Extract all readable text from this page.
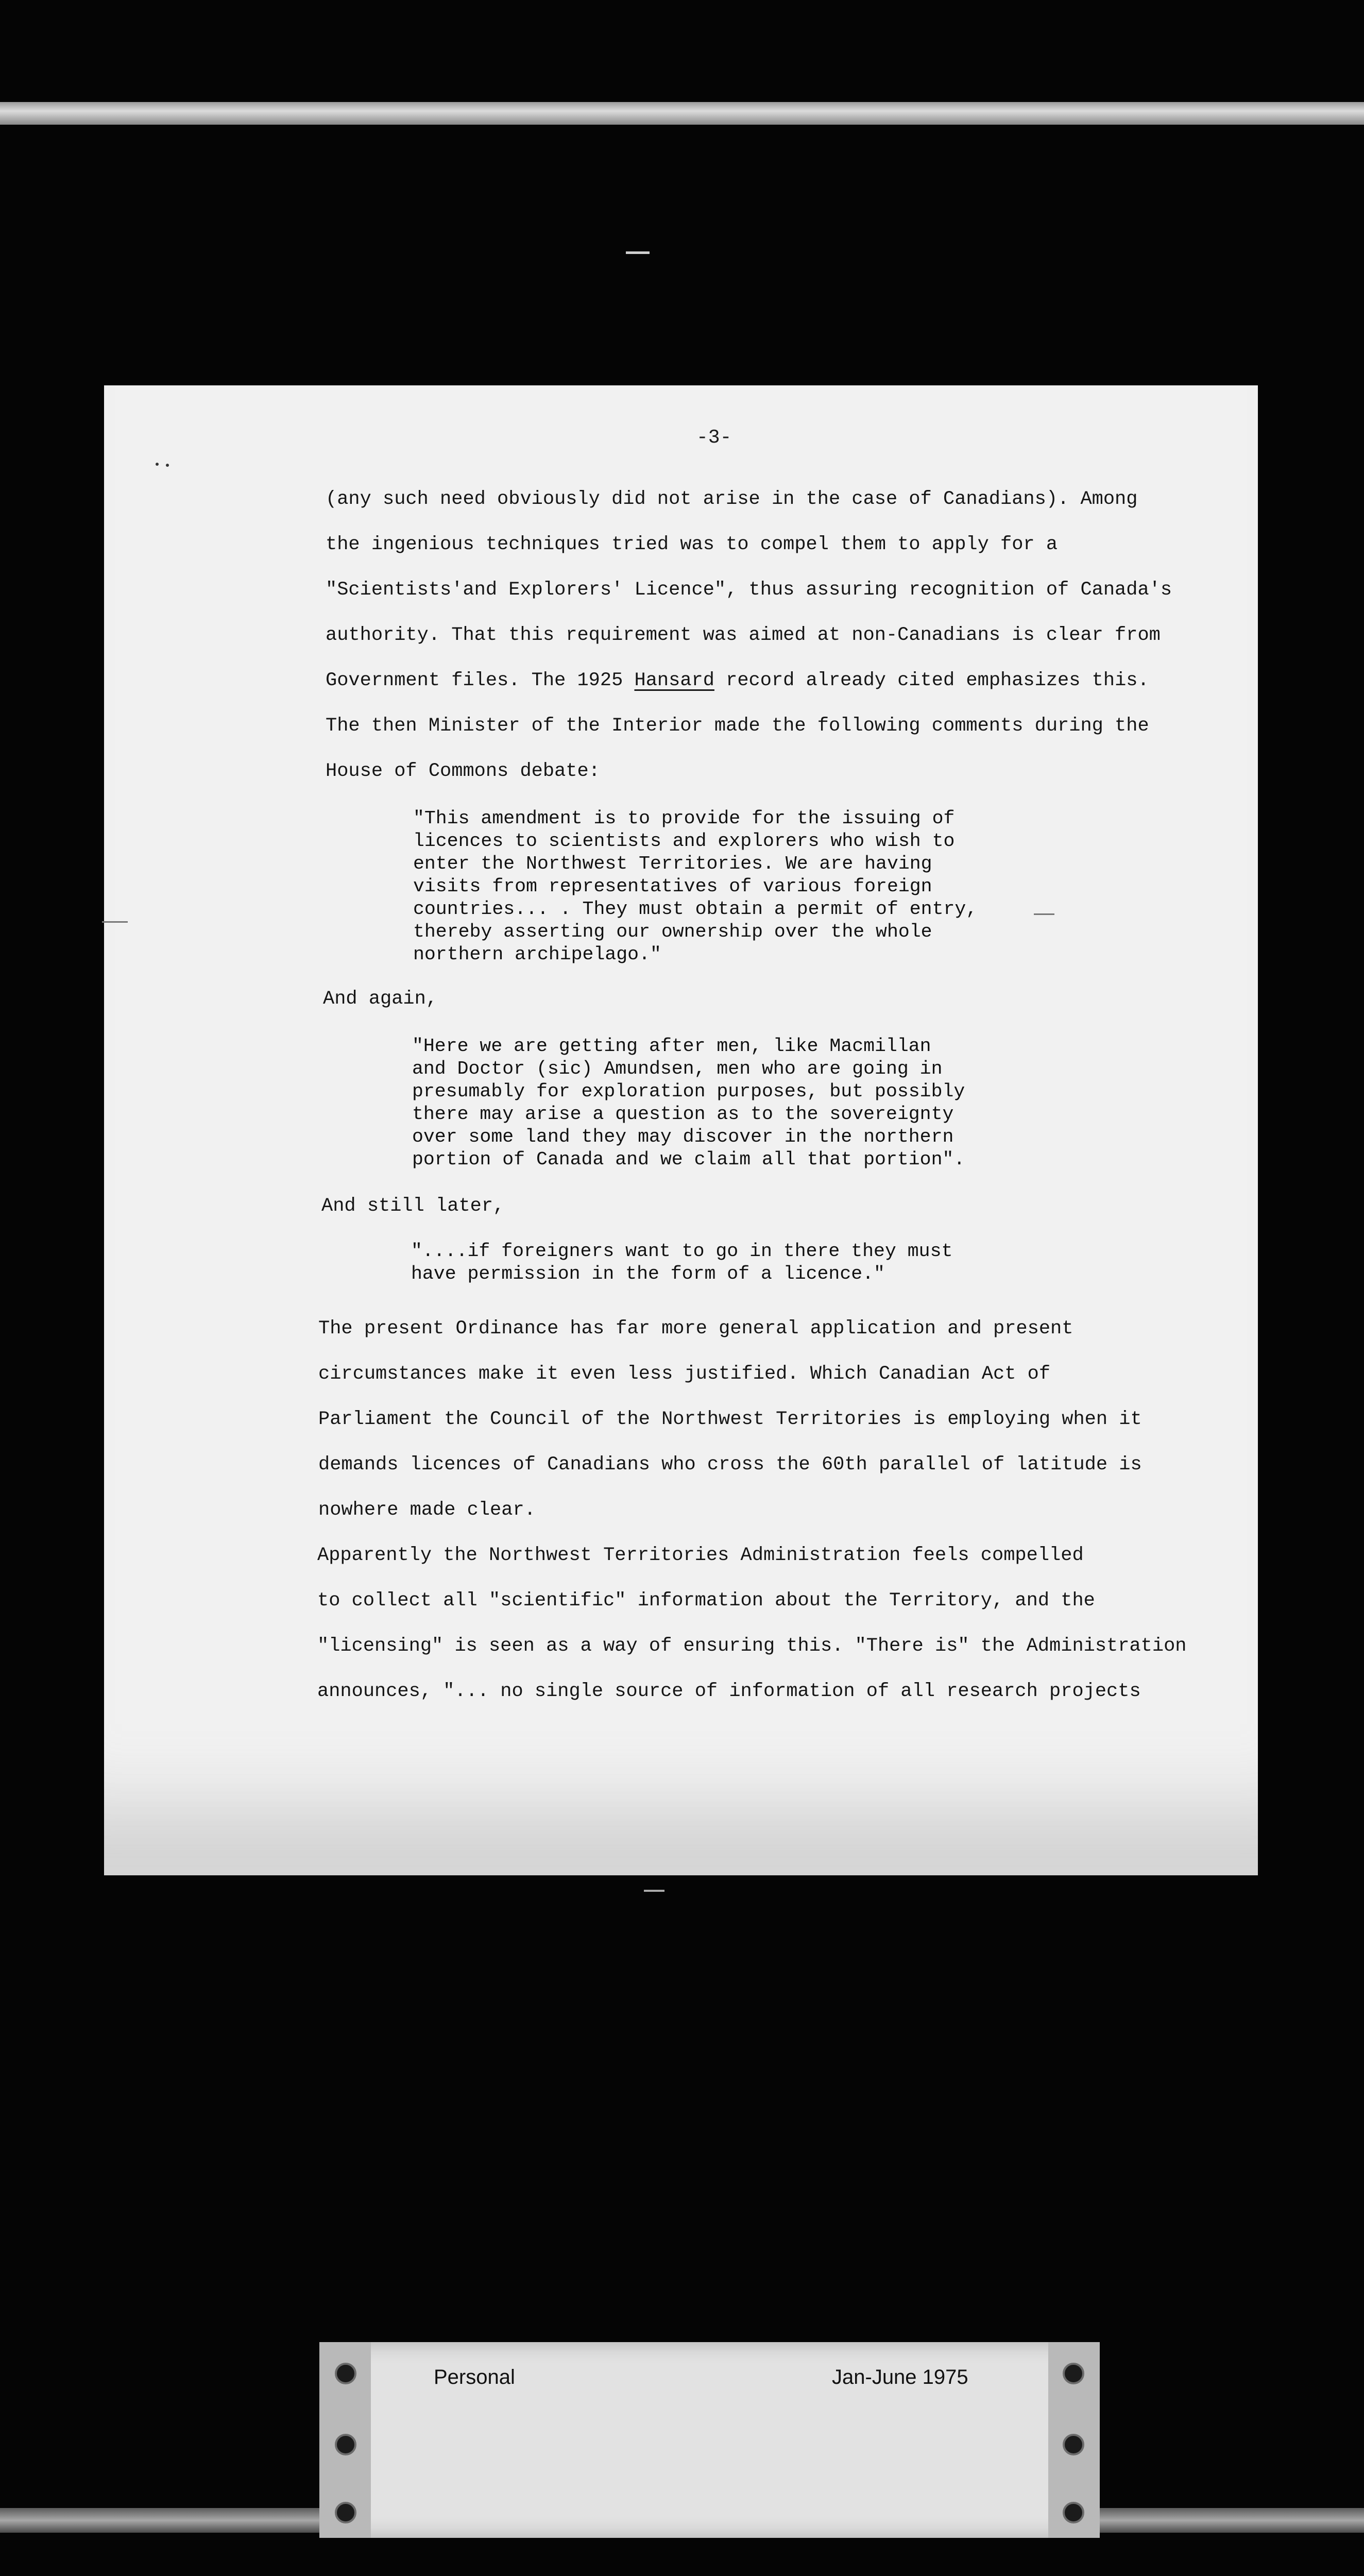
-3-
(any such need obviously did not arise in the case of Canadians). Among
the ingenious techniques tried was to compel them to apply for a
"Scientists'and Explorers' Licence", thus assuring recognition of Canada's
authority. That this requirement was aimed at non-Canadians is clear from
Government files. The 1925 Hansard record already cited emphasizes this.
The then Minister of the Interior made the following comments during the
House of Commons debate:
"This amendment is to provide for the issuing of
licences to scientists and explorers who wish to
enter the Northwest Territories. We are having
visits from representatives of various foreign
countries... . They must obtain a permit of entry,
thereby asserting our ownership over the whole
northern archipelago."
And again,
"Here we are getting after men, like Macmillan
and Doctor (sic) Amundsen, men who are going in
presumably for exploration purposes, but possibly
there may arise a question as to the sovereignty
over some land they may discover in the northern
portion of Canada and we claim all that portion".
And still later,
"....if foreigners want to go in there they must
have permission in the form of a licence."
The present Ordinance has far more general application and present
circumstances make it even less justified. Which Canadian Act of
Parliament the Council of the Northwest Territories is employing when it
demands licences of Canadians who cross the 60th parallel of latitude is
nowhere made clear.
Apparently the Northwest Territories Administration feels compelled
to collect all "scientific" information about the Territory, and the
"licensing" is seen as a way of ensuring this. "There is" the Administration
announces, "... no single source of information of all research projects
Personal	Jan-June 1975
